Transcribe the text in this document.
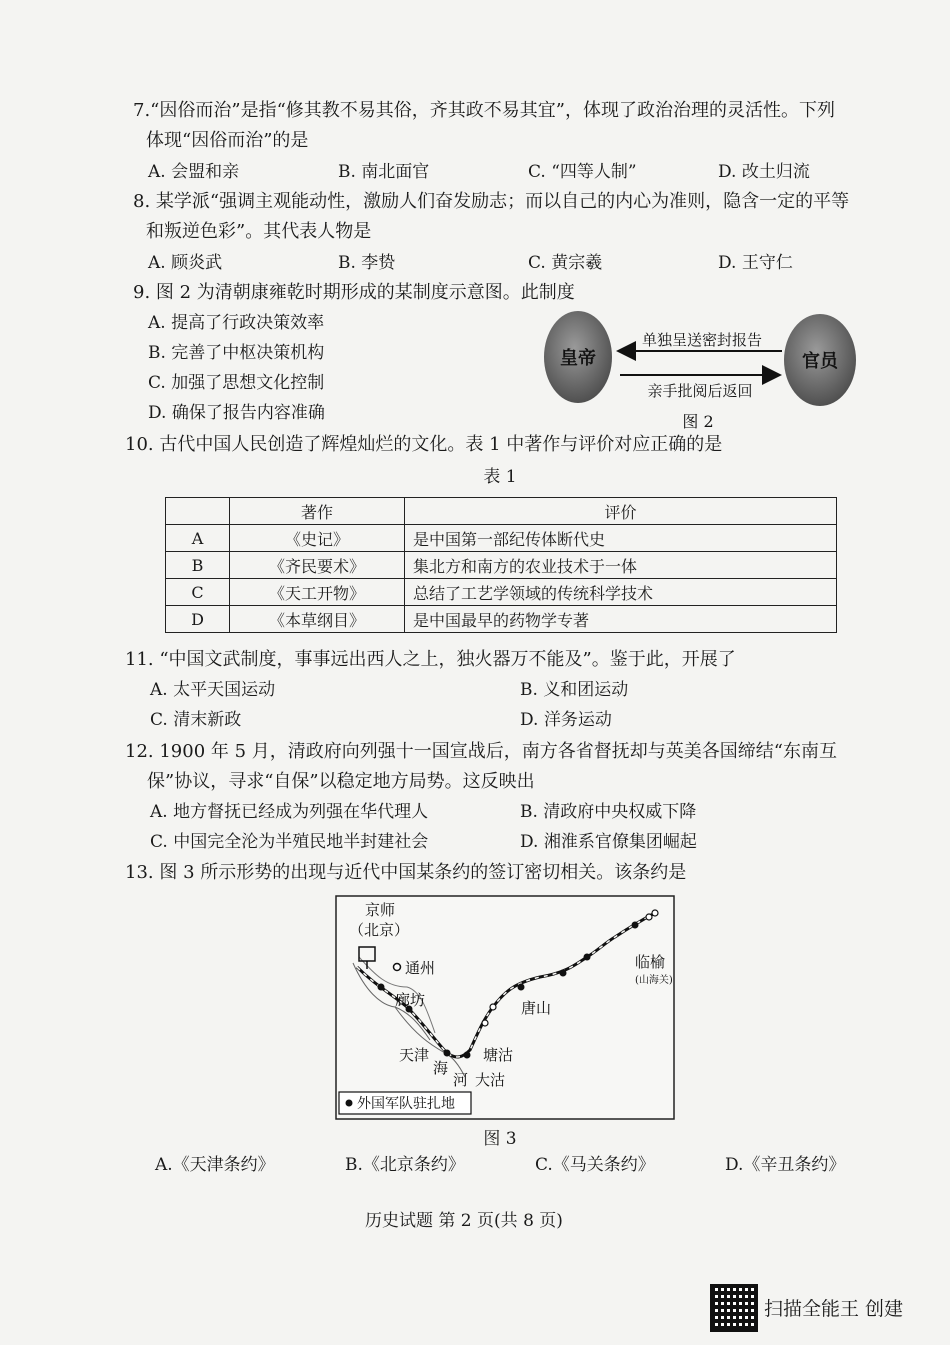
7.“因俗而治”是指“修其教不易其俗，齐其政不易其宜”，体现了政治治理的灵活性。下列
体现“因俗而治”的是
A. 会盟和亲	B. 南北面官	C. “四等人制”	D. 改土归流
8. 某学派“强调主观能动性，激励人们奋发励志；而以自己的内心为准则，隐含一定的平等
和叛逆色彩”。其代表人物是
A. 顾炎武	B. 李贽	C. 黄宗羲	D. 王守仁
9. 图 2 为清朝康雍乾时期形成的某制度示意图。此制度
A. 提高了行政决策效率
B. 完善了中枢决策机构
C. 加强了思想文化控制
D. 确保了报告内容准确
皇帝	官员
单独呈送密封报告
亲手批阅后返回
图 2
10. 古代中国人民创造了辉煌灿烂的文化。表 1 中著作与评价对应正确的是
表 1
	著作	评价
A	《史记》	是中国第一部纪传体断代史
B	《齐民要术》	集北方和南方的农业技术于一体
C	《天工开物》	总结了工艺学领域的传统科学技术
D	《本草纲目》	是中国最早的药物学专著
11. “中国文武制度，事事远出西人之上，独火器万不能及”。鉴于此，开展了
A. 太平天国运动	B. 义和团运动
C. 清末新政	D. 洋务运动
12. 1900 年 5 月，清政府向列强十一国宣战后，南方各省督抚却与英美各国缔结“东南互
保”协议，寻求“自保”以稳定地方局势。这反映出
A. 地方督抚已经成为列强在华代理人	B. 清政府中央权威下降
C. 中国完全沦为半殖民地半封建社会	D. 湘淮系官僚集团崛起
13. 图 3 所示形势的出现与近代中国某条约的签订密切相关。该条约是
京师
（北京）
通州
廊坊
天津
海
河
塘沽
大沽
唐山
临榆
(山海关)
外国军队驻扎地
图 3
A.《天津条约》	B.《北京条约》	C.《马关条约》	D.《辛丑条约》
历史试题 第 2 页(共 8 页)
扫描全能王 创建
